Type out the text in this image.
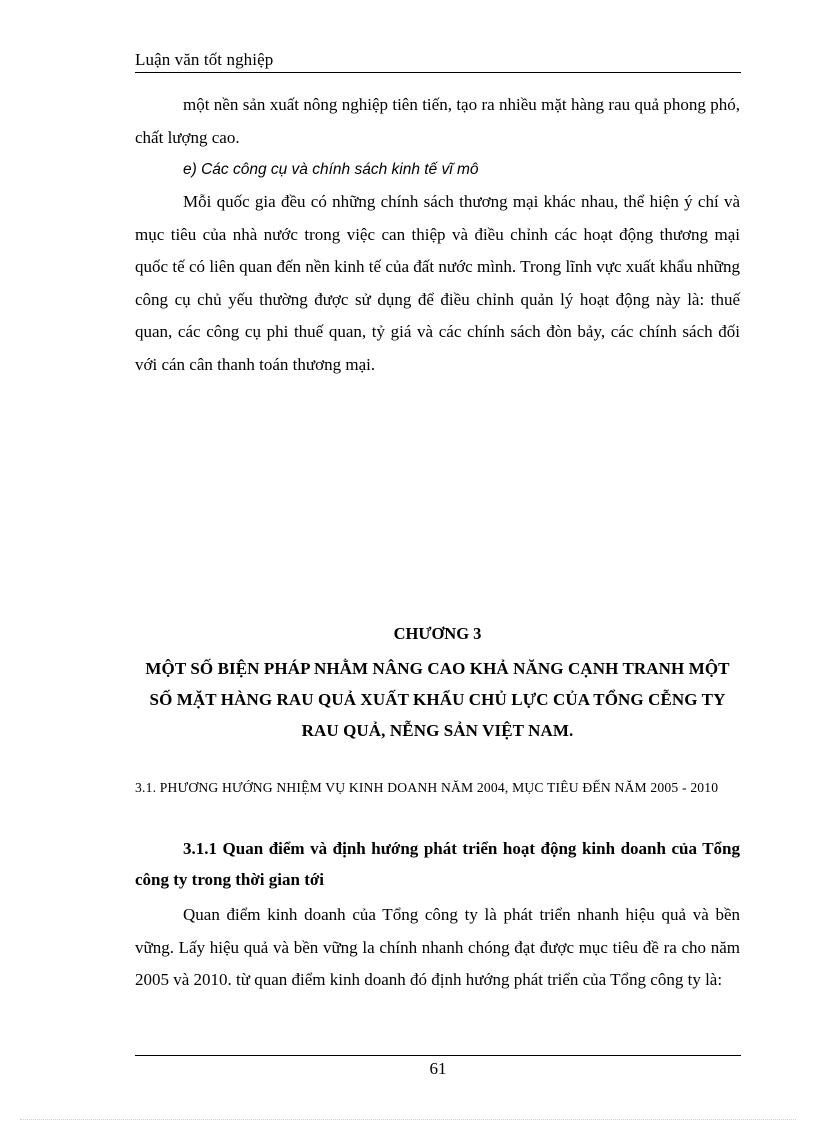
Luận văn tốt nghiệp

một nền sản xuất nông nghiệp tiên tiến, tạo ra nhiều mặt hàng rau quả phong phó, chất lượng cao.

e) Các công cụ và chính sách kinh tế vĩ mô

Mỗi quốc gia đều có những chính sách thương mại khác nhau, thể hiện ý chí và mục tiêu của nhà nước trong việc can thiệp và điều chỉnh các hoạt động thương mại quốc tế có liên quan đến nền kinh tế của đất nước mình. Trong lĩnh vực xuất khẩu những công cụ chủ yếu thường được sử dụng để điều chỉnh quản lý hoạt động này là: thuế quan, các công cụ phi thuế quan, tỷ giá và các chính sách đòn bảy, các chính sách đối với cán cân thanh toán thương mại.

CHƯƠNG 3

MỘT SỐ BIỆN PHÁP NHẰM NÂNG CAO KHẢ NĂNG CẠNH TRANH MỘT SỐ MẶT HÀNG RAU QUẢ XUẤT KHẨU CHỦ LỰC CỦA TỔNG CỄNG TY RAU QUẢ, NỄNG SẢN VIỆT NAM.

3.1. PHƯƠNG HƯỚNG NHIỆM VỤ KINH DOANH NĂM 2004, MỤC TIÊU ĐẾN NĂM 2005 - 2010

3.1.1 Quan điểm và định hướng phát triển hoạt động kinh doanh của Tổng công ty trong thời gian tới

Quan điểm kinh doanh của Tổng công ty là phát triển nhanh hiệu quả và bền vững. Lấy hiệu quả và bền vững la chính nhanh chóng đạt được mục tiêu đề ra cho năm 2005 và 2010. từ quan điểm kinh doanh đó định hướng phát triển của Tổng công ty là:

61
